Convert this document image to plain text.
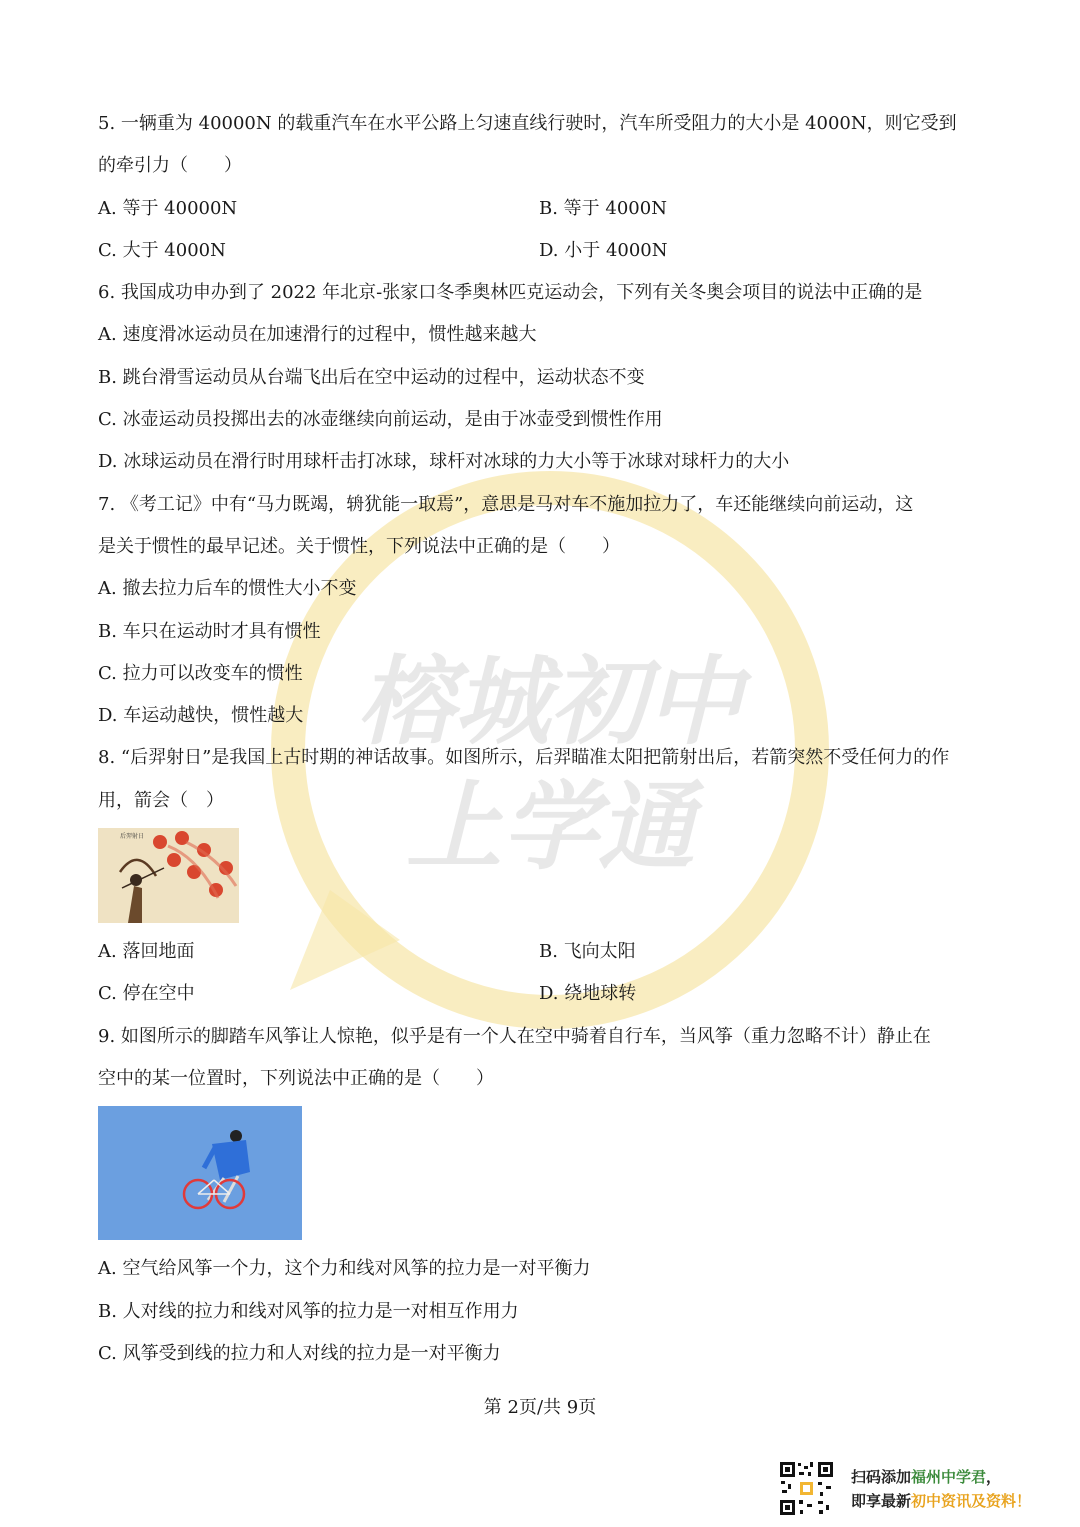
榕城初中
上学通
5. 一辆重为 40000N 的载重汽车在水平公路上匀速直线行驶时，汽车所受阻力的大小是 4000N，则它受到
的牵引力（　　）
A. 等于 40000N	B. 等于 4000N
C. 大于 4000N	D. 小于 4000N
6. 我国成功申办到了 2022 年北京-张家口冬季奥林匹克运动会，下列有关冬奥会项目的说法中正确的是
A. 速度滑冰运动员在加速滑行的过程中，惯性越来越大
B. 跳台滑雪运动员从台端飞出后在空中运动的过程中，运动状态不变
C. 冰壶运动员投掷出去的冰壶继续向前运动，是由于冰壶受到惯性作用
D. 冰球运动员在滑行时用球杆击打冰球，球杆对冰球的力大小等于冰球对球杆力的大小
7. 《考工记》中有“马力既竭，辀犹能一取焉”，意思是马对车不施加拉力了，车还能继续向前运动，这
是关于惯性的最早记述。关于惯性，下列说法中正确的是（　　）
A. 撤去拉力后车的惯性大小不变
B. 车只在运动时才具有惯性
C. 拉力可以改变车的惯性
D. 车运动越快，惯性越大
8. “后羿射日”是我国上古时期的神话故事。如图所示，后羿瞄准太阳把箭射出后，若箭突然不受任何力的作
用，箭会（　）
后羿射日
A. 落回地面	B. 飞向太阳
C. 停在空中	D. 绕地球转
9. 如图所示的脚踏车风筝让人惊艳，似乎是有一个人在空中骑着自行车，当风筝（重力忽略不计）静止在
空中的某一位置时，下列说法中正确的是（　　）
A. 空气给风筝一个力，这个力和线对风筝的拉力是一对平衡力
B. 人对线的拉力和线对风筝的拉力是一对相互作用力
C. 风筝受到线的拉力和人对线的拉力是一对平衡力
第 2页/共 9页
扫码添加福州中学君，
即享最新初中资讯及资料！
